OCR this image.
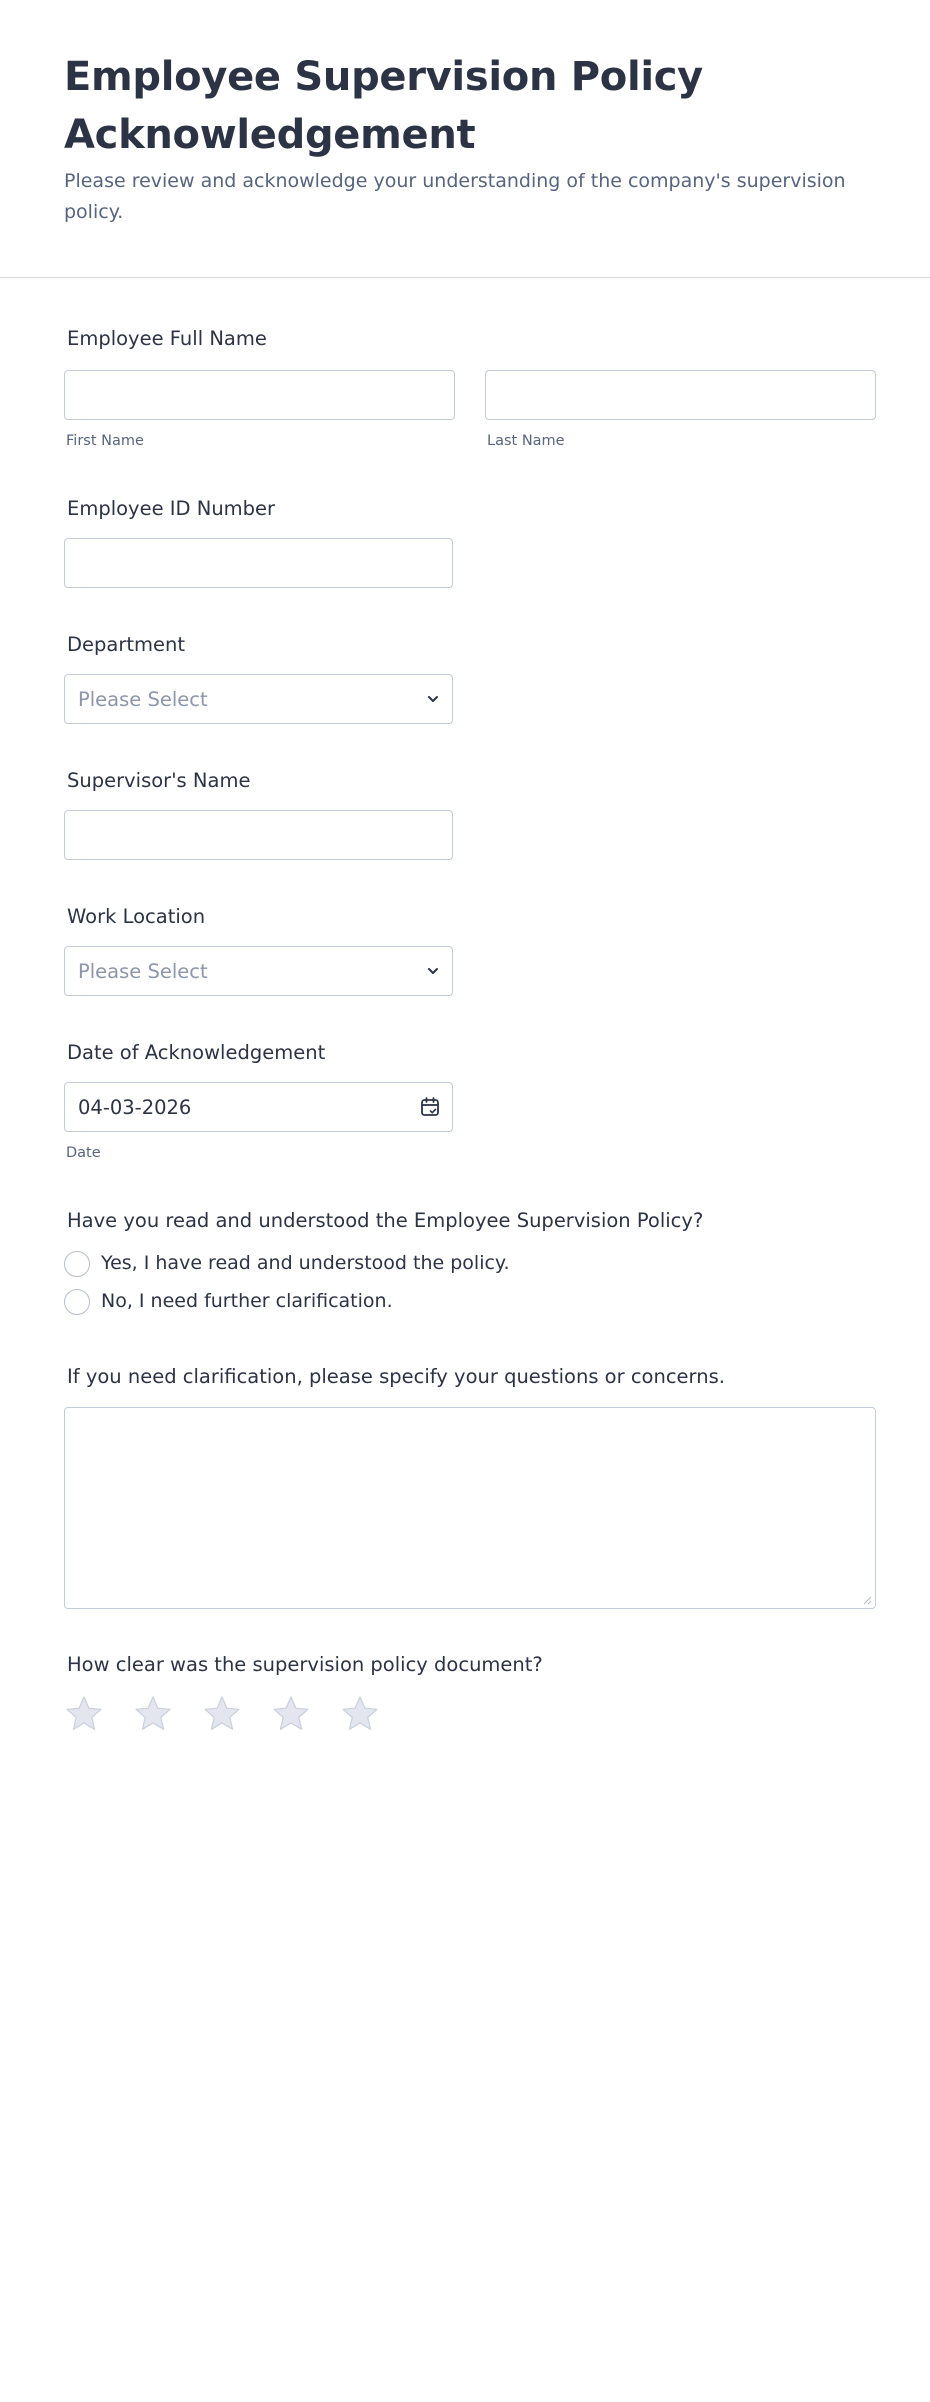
Employee Supervision Policy Acknowledgement
Please review and acknowledge your understanding of the company's supervision policy.
Employee Full Name
First Name	Last Name
Employee ID Number
Department
Please Select
Supervisor's Name
Work Location
Please Select
Date of Acknowledgement
04-03-2026
Date
Have you read and understood the Employee Supervision Policy?
Yes, I have read and understood the policy.
No, I need further clarification.
If you need clarification, please specify your questions or concerns.
How clear was the supervision policy document?
